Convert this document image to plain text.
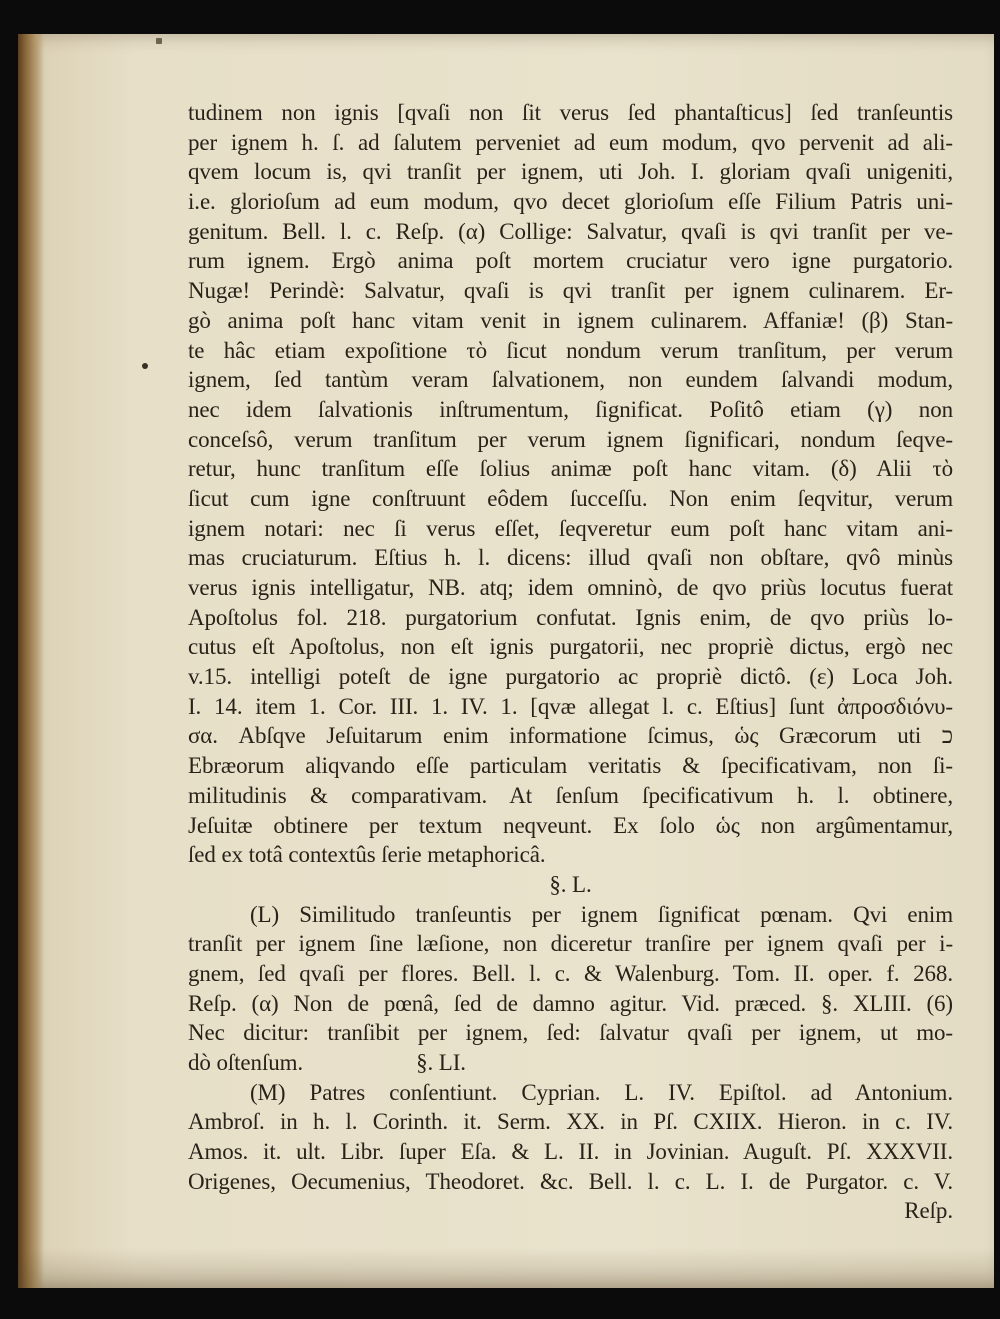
tudinem non ignis [qvaſi non ſit verus ſed phantaſticus] ſed tranſeuntis
per ignem h. ſ. ad ſalutem perveniet ad eum modum, qvo pervenit ad ali-
qvem locum is, qvi tranſit per ignem, uti Joh. I. gloriam qvaſi unigeniti,
i.e. glorioſum ad eum modum, qvo decet glorioſum eſſe Filium Patris uni-
genitum. Bell. l. c. Reſp. (α) Collige: Salvatur, qvaſi is qvi tranſit per ve-
rum ignem. Ergò anima poſt mortem cruciatur vero igne purgatorio.
Nugæ! Perindè: Salvatur, qvaſi is qvi tranſit per ignem culinarem. Er-
gò anima poſt hanc vitam venit in ignem culinarem. Affaniæ! (β) Stan-
te hâc etiam expoſitione τὸ ſicut nondum verum tranſitum, per verum
ignem, ſed tantùm veram ſalvationem, non eundem ſalvandi modum,
nec idem ſalvationis inſtrumentum, ſignificat. Poſitô etiam (γ) non
conceſsô, verum tranſitum per verum ignem ſignificari, nondum ſeqve-
retur, hunc tranſitum eſſe ſolius animæ poſt hanc vitam. (δ) Alii τὸ
ſicut cum igne conſtruunt eôdem ſucceſſu. Non enim ſeqvitur, verum
ignem notari: nec ſi verus eſſet, ſeqveretur eum poſt hanc vitam ani-
mas cruciaturum. Eſtius h. l. dicens: illud qvaſi non obſtare, qvô minùs
verus ignis intelligatur, NB. atq; idem omninò, de qvo priùs locutus fuerat
Apoſtolus fol. 218. purgatorium confutat. Ignis enim, de qvo priùs lo-
cutus eſt Apoſtolus, non eſt ignis purgatorii, nec propriè dictus, ergò nec
v.15. intelligi poteſt de igne purgatorio ac propriè dictô. (ε) Loca Joh.
I. 14. item 1. Cor. III. 1. IV. 1. [qvæ allegat l. c. Eſtius] ſunt ἀπροσδιόνυ-
σα. Abſqve Jeſuitarum enim informatione ſcimus, ὡς Græcorum uti כ
Ebræorum aliqvando eſſe particulam veritatis & ſpecificativam, non ſi-
militudinis & comparativam. At ſenſum ſpecificativum h. l. obtinere,
Jeſuitæ obtinere per textum neqveunt. Ex ſolo ὡς non argûmentamur,
ſed ex totâ contextûs ſerie metaphoricâ.
§. L.
(L) Similitudo tranſeuntis per ignem ſignificat pœnam. Qvi enim
tranſit per ignem ſine læſione, non diceretur tranſire per ignem qvaſi per i-
gnem, ſed qvaſi per flores. Bell. l. c. & Walenburg. Tom. II. oper. f. 268.
Reſp. (α) Non de pœnâ, ſed de damno agitur. Vid. præced. §. XLIII. (6)
Nec dicitur: tranſibit per ignem, ſed: ſalvatur qvaſi per ignem, ut mo-
dò oſtenſum.                    §. LI.
(M) Patres conſentiunt. Cyprian. L. IV. Epiſtol. ad Antonium.
Ambroſ. in h. l. Corinth. it. Serm. XX. in Pſ. CXIIX. Hieron. in c. IV.
Amos. it. ult. Libr. ſuper Eſa. & L. II. in Jovinian. Auguſt. Pſ. XXXVII.
Origenes, Oecumenius, Theodoret. &c. Bell. l. c. L. I. de Purgator. c. V.
Reſp.
